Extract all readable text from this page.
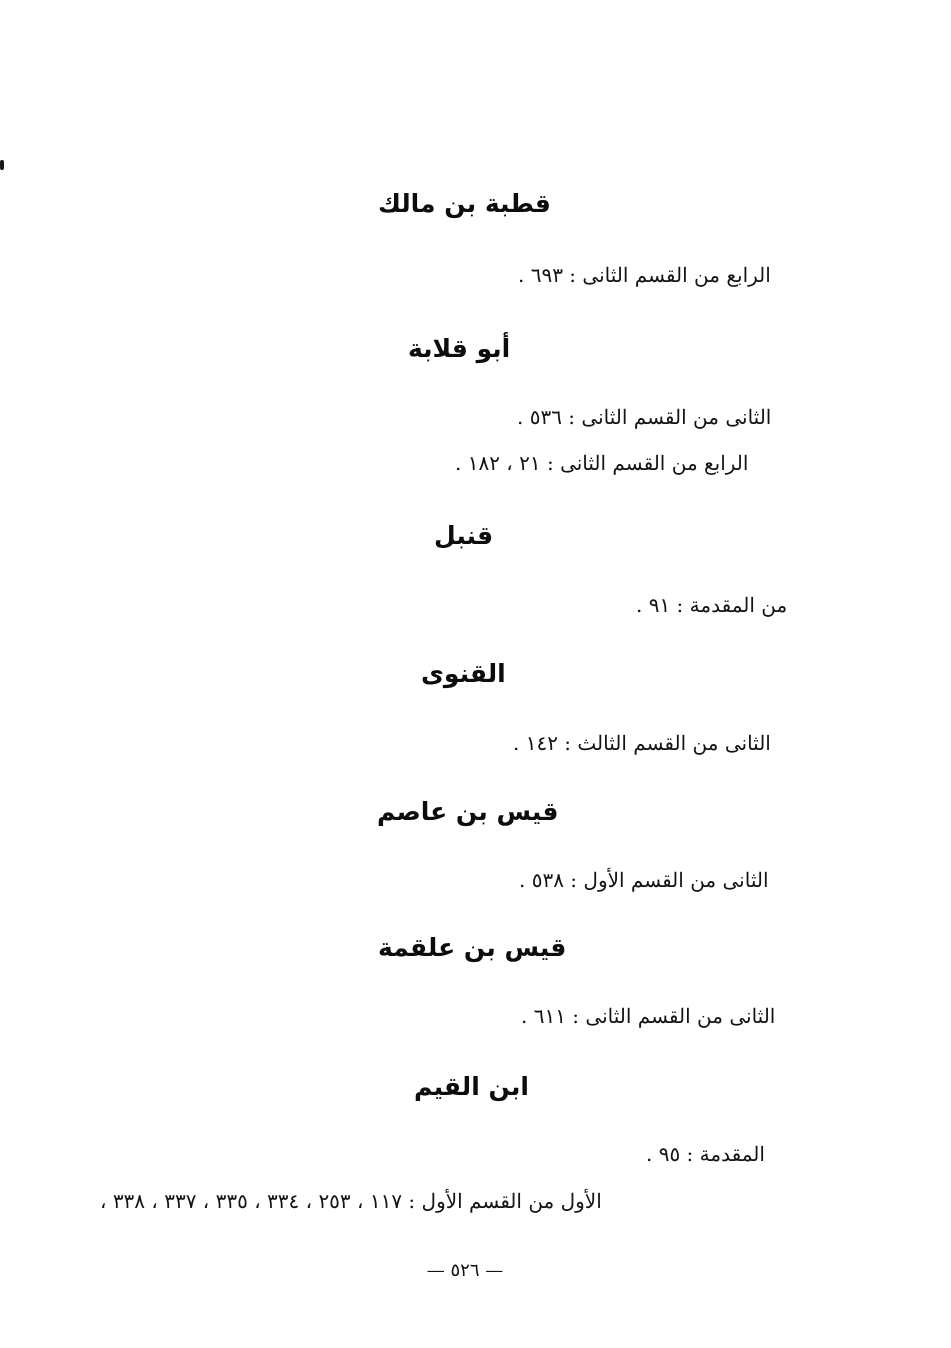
قطبة بن مالك
الرابع من القسم الثانى : ٦٩٣ .
أبو قلابة
الثانى من القسم الثانى : ٥٣٦ .
الرابع من القسم الثانى : ٢١ ، ١٨٢ .
قنبل
من المقدمة : ٩١ .
القنوى
الثانى من القسم الثالث : ١٤٢ .
قيس بن عاصم
الثانى من القسم الأول : ٥٣٨ .
قيس بن علقمة
الثانى من القسم الثانى : ٦١١ .
ابن القيم
المقدمة : ٩٥ .
الأول من القسم الأول : ١١٧ ، ٢٥٣ ، ٣٣٤ ، ٣٣٥ ، ٣٣٧ ، ٣٣٨ ،
— ٥٢٦ —
